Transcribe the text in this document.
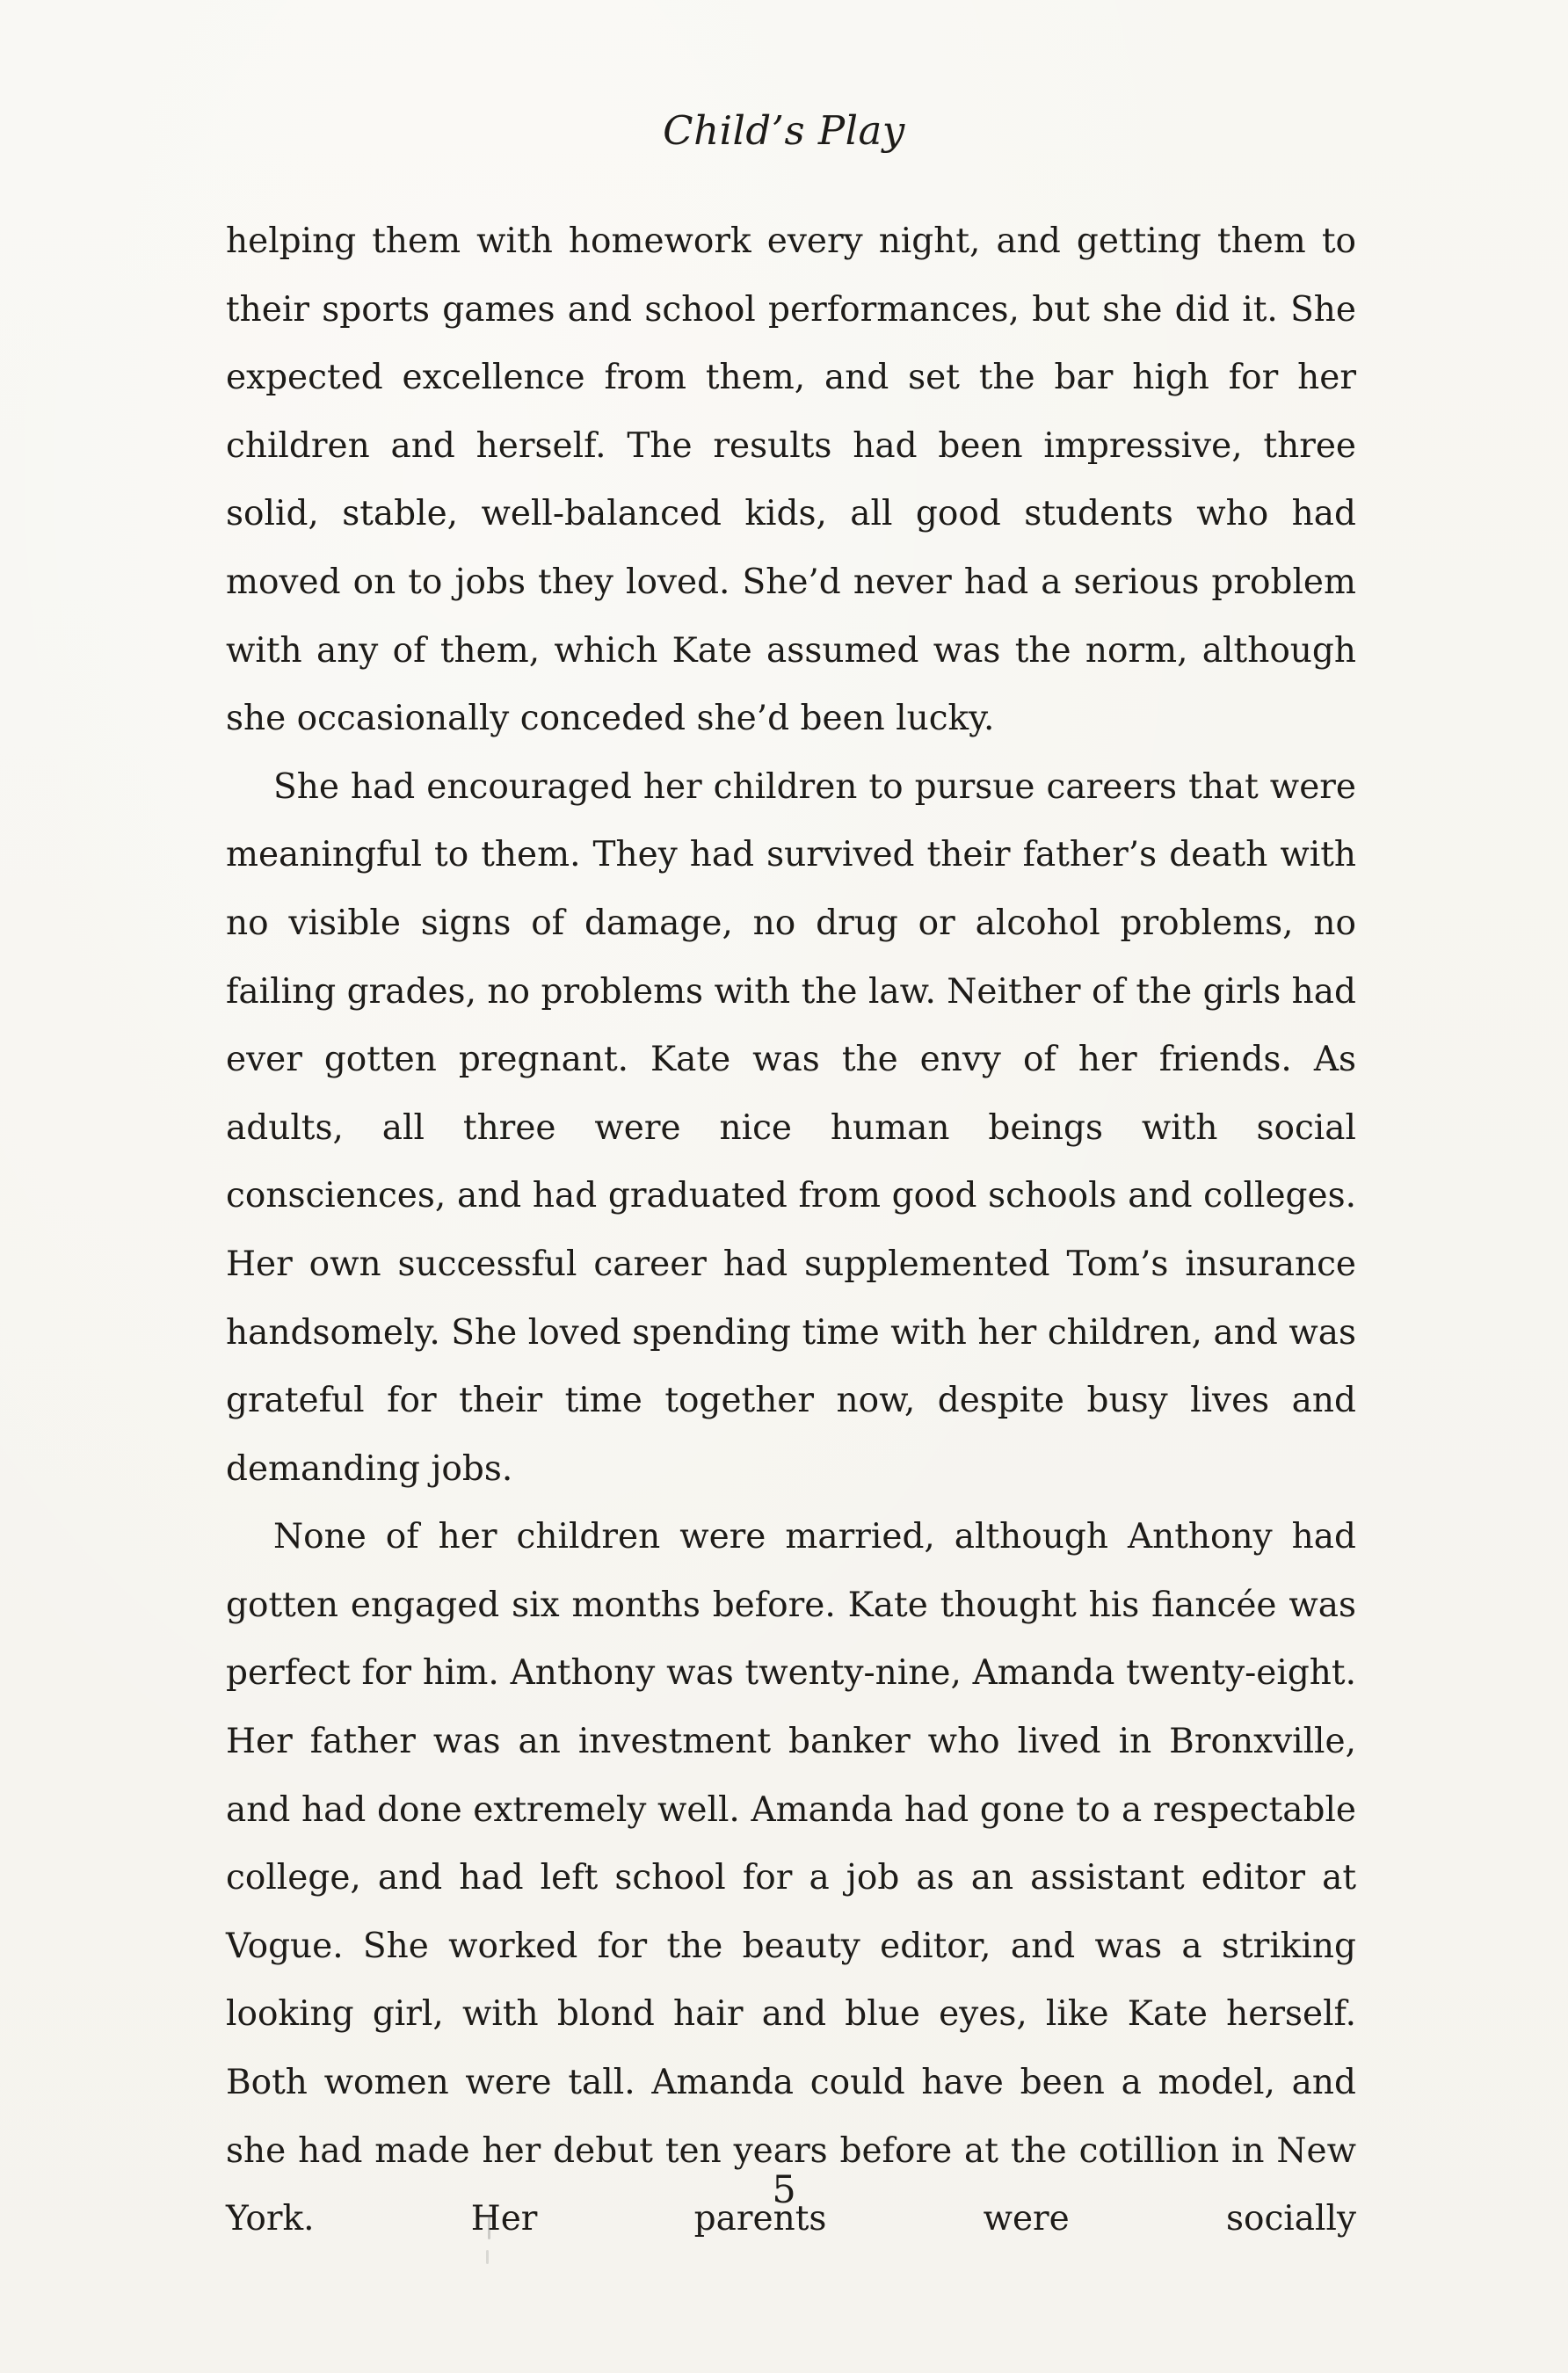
Child’s Play

helping them with homework every night, and getting them to their sports games and school performances, but she did it. She expected excellence from them, and set the bar high for her children and herself. The results had been impressive, three solid, stable, well-balanced kids, all good students who had moved on to jobs they loved. She’d never had a serious problem with any of them, which Kate assumed was the norm, although she occasionally conceded she’d been lucky.

She had encouraged her children to pursue careers that were meaningful to them. They had survived their father’s death with no visible signs of damage, no drug or alcohol problems, no failing grades, no problems with the law. Neither of the girls had ever gotten pregnant. Kate was the envy of her friends. As adults, all three were nice human beings with social consciences, and had graduated from good schools and colleges. Her own successful career had supplemented Tom’s insurance handsomely. She loved spending time with her children, and was grateful for their time together now, despite busy lives and demanding jobs.

None of her children were married, although Anthony had gotten engaged six months before. Kate thought his fiancée was perfect for him. Anthony was twenty-nine, Amanda twenty-eight. Her father was an investment banker who lived in Bronxville, and had done extremely well. Amanda had gone to a respectable college, and had left school for a job as an assistant editor at Vogue. She worked for the beauty editor, and was a striking looking girl, with blond hair and blue eyes, like Kate herself. Both women were tall. Amanda could have been a model, and she had made her debut ten years before at the cotillion in New York. Her parents were socially

5
